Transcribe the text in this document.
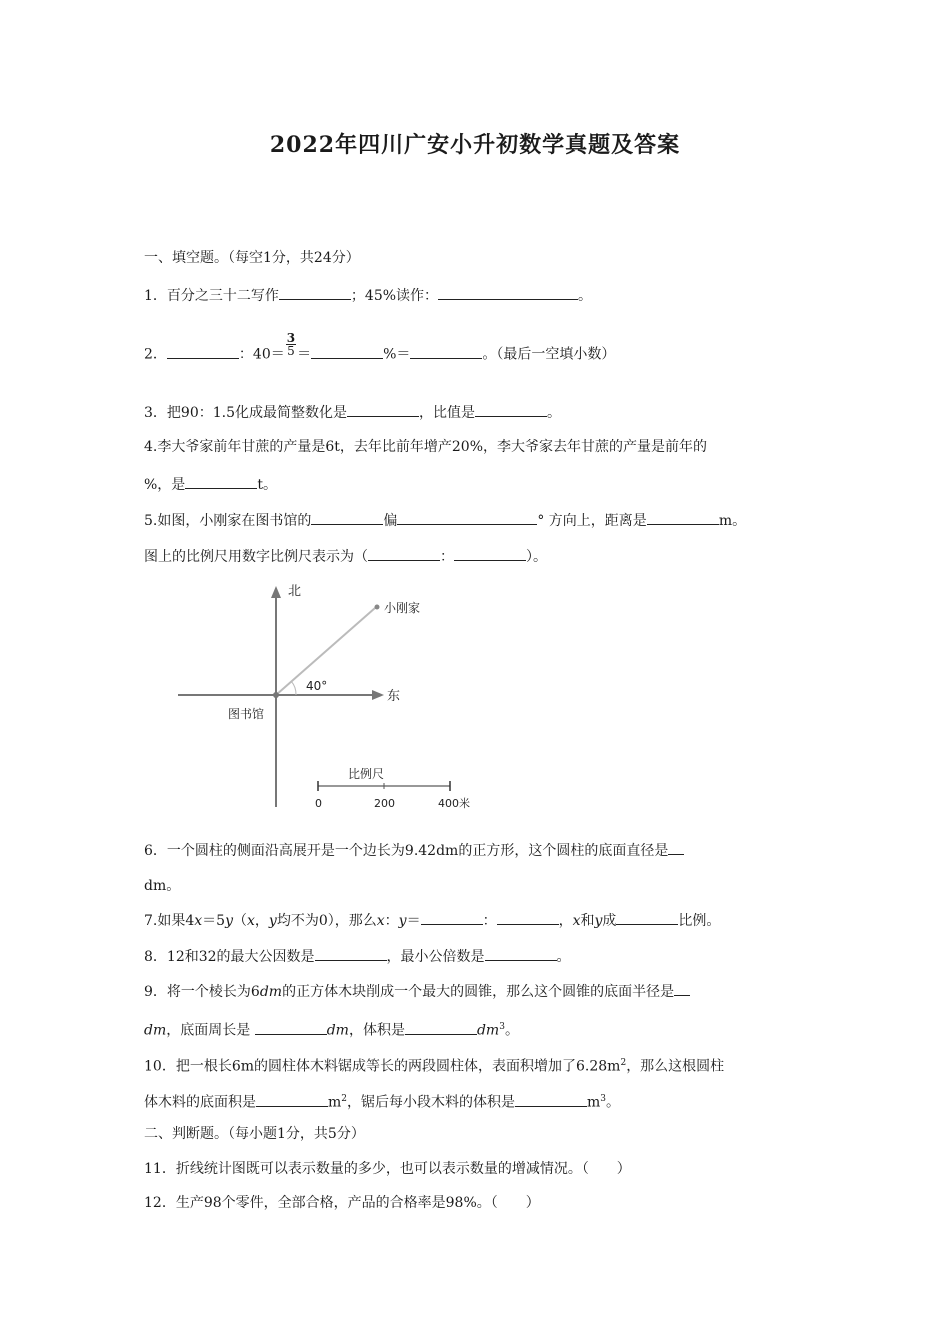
2022年四川广安小升初数学真题及答案
一、填空题。（每空1分，共24分）
1．百分之三十二写作	；45%读作：	。
2．	：$40= \frac{3}{5}$ ＝	%＝	。（最后一空填小数）
3．把90：1.5化成最简整数化是	，比值是	。
4.李大爷家前年甘蔗的产量是6t，去年比前年增产20%，李大爷家去年甘蔗的产量是前年的
%，是	t。
5.如图，小刚家在图书馆的	偏	° 方向上，距离是	m。
图上的比例尺用数字比例尺表示为（	：	）。
北
东
小刚家
图书馆
40°
比例尺
0	200	400米
6．一个圆柱的侧面沿高展开是一个边长为9.42dm的正方形，这个圆柱的底面直径是
dm。
7.如果4x＝5y（x，y均不为0），那么x：y＝	：	，x和y成	比例。
8．12和32的最大公因数是	，最小公倍数是	。
9．将一个棱长为6dm的正方体木块削成一个最大的圆锥，那么这个圆锥的底面半径是
dm，底面周长是	dm，体积是	$dm^3$。
10．把一根长6m的圆柱体木料锯成等长的两段圆柱体，表面积增加了$6.28m^2$，那么这根圆柱
体木料的底面积是	$m^2$，锯后每小段木料的体积是	$m^3$。
二、判断题。（每小题1分，共5分）
11．折线统计图既可以表示数量的多少，也可以表示数量的增减情况。（　　）
12．生产98个零件，全部合格，产品的合格率是98%。（　　）
